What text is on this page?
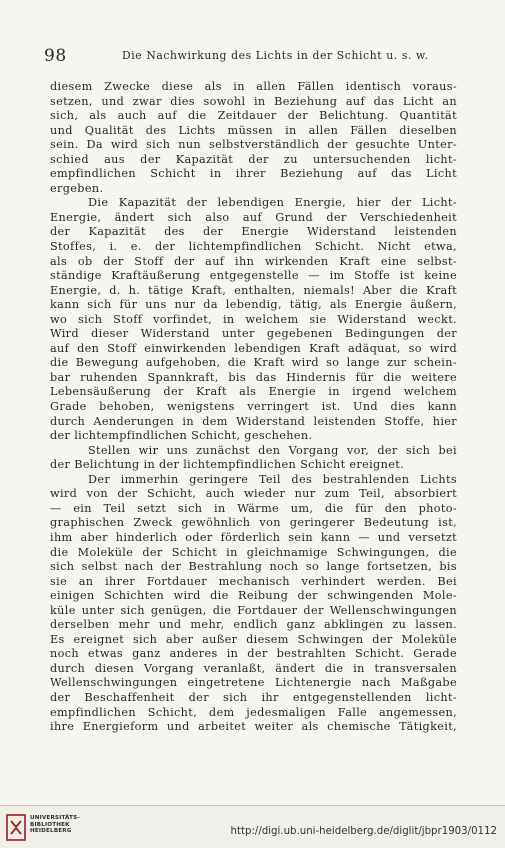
98	Die Nachwirkung des Lichts in der Schicht u. s. w.
diesem Zwecke diese als in allen Fällen identisch voraus-
setzen, und zwar dies sowohl in Beziehung auf das Licht an
sich, als auch auf die Zeitdauer der Belichtung. Quantität
und Qualität des Lichts müssen in allen Fällen dieselben
sein. Da wird sich nun selbstverständlich der gesuchte Unter-
schied aus der Kapazität der zu untersuchenden licht-
empfindlichen Schicht in ihrer Beziehung auf das Licht
ergeben.
Die Kapazität der lebendigen Energie, hier der Licht-
Energie, ändert sich also auf Grund der Verschiedenheit
der Kapazität des der Energie Widerstand leistenden
Stoffes, i. e. der lichtempfindlichen Schicht. Nicht etwa,
als ob der Stoff der auf ihn wirkenden Kraft eine selbst-
ständige Kraftäußerung entgegenstelle — im Stoffe ist keine
Energie, d. h. tätige Kraft, enthalten, niemals! Aber die Kraft
kann sich für uns nur da lebendig, tätig, als Energie äußern,
wo sich Stoff vorfindet, in welchem sie Widerstand weckt.
Wird dieser Widerstand unter gegebenen Bedingungen der
auf den Stoff einwirkenden lebendigen Kraft adäquat, so wird
die Bewegung aufgehoben, die Kraft wird so lange zur schein-
bar ruhenden Spannkraft, bis das Hindernis für die weitere
Lebensäußerung der Kraft als Energie in irgend welchem
Grade behoben, wenigstens verringert ist. Und dies kann
durch Aenderungen in dem Widerstand leistenden Stoffe, hier
der lichtempfindlichen Schicht, geschehen.
Stellen wir uns zunächst den Vorgang vor, der sich bei
der Belichtung in der lichtempfindlichen Schicht ereignet.
Der immerhin geringere Teil des bestrahlenden Lichts
wird von der Schicht, auch wieder nur zum Teil, absorbiert
— ein Teil setzt sich in Wärme um, die für den photo-
graphischen Zweck gewöhnlich von geringerer Bedeutung ist,
ihm aber hinderlich oder förderlich sein kann — und versetzt
die Moleküle der Schicht in gleichnamige Schwingungen, die
sich selbst nach der Bestrahlung noch so lange fortsetzen, bis
sie an ihrer Fortdauer mechanisch verhindert werden. Bei
einigen Schichten wird die Reibung der schwingenden Mole-
küle unter sich genügen, die Fortdauer der Wellenschwingungen
derselben mehr und mehr, endlich ganz abklingen zu lassen.
Es ereignet sich aber außer diesem Schwingen der Moleküle
noch etwas ganz anderes in der bestrahlten Schicht. Gerade
durch diesen Vorgang veranlaßt, ändert die in transversalen
Wellenschwingungen eingetretene Lichtenergie nach Maßgabe
der Beschaffenheit der sich ihr entgegenstellenden licht-
empfindlichen Schicht, dem jedesmaligen Falle angemessen,
ihre Energieform und arbeitet weiter als chemische Tätigkeit,
UNIVERSITÄTS-
BIBLIOTHEK
HEIDELBERG	http://digi.ub.uni-heidelberg.de/diglit/jbpr1903/0112
